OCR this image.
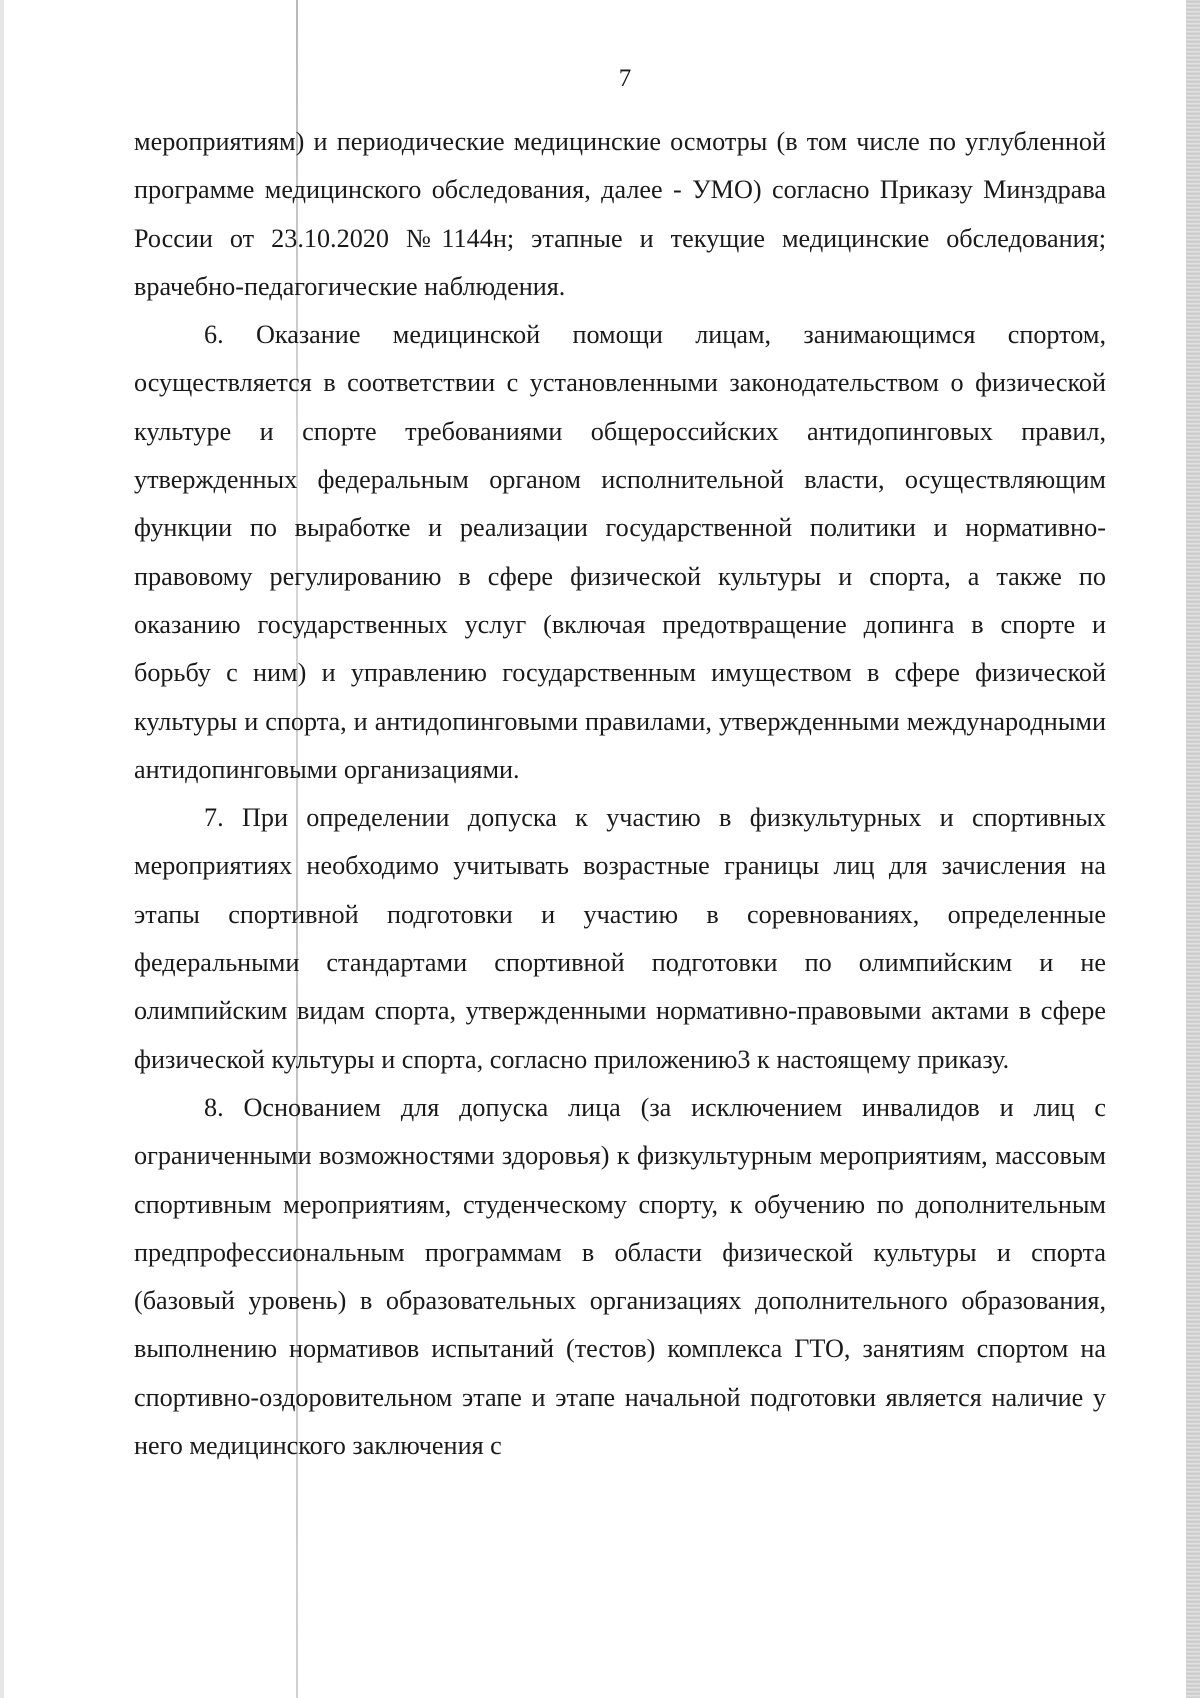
7

мероприятиям) и периодические медицинские осмотры (в том числе по углубленной программе медицинского обследования, далее - УМО) согласно Приказу Минздрава России от 23.10.2020 №1144н; этапные и текущие медицинские обследования; врачебно-педагогические наблюдения.

6. Оказание медицинской помощи лицам, занимающимся спортом, осуществляется в соответствии с установленными законодательством о физической культуре и спорте требованиями общероссийских антидопинговых правил, утвержденных федеральным органом исполнительной власти, осуществляющим функции по выработке и реализации государственной политики и нормативно-правовому регулированию в сфере физической культуры и спорта, а также по оказанию государственных услуг (включая предотвращение допинга в спорте и борьбу с ним) и управлению государственным имуществом в сфере физической культуры и спорта, и антидопинговыми правилами, утвержденными международными антидопинговыми организациями.

7. При определении допуска к участию в физкультурных и спортивных мероприятиях необходимо учитывать возрастные границы лиц для зачисления на этапы спортивной подготовки и участию в соревнованиях, определенные федеральными стандартами спортивной подготовки по олимпийским и не олимпийским видам спорта, утвержденными нормативно-правовыми актами в сфере физической культуры и спорта, согласно приложению3 к настоящему приказу.

8. Основанием для допуска лица (за исключением инвалидов и лиц с ограниченными возможностями здоровья) к физкультурным мероприятиям, массовым спортивным мероприятиям, студенческому спорту, к обучению по дополнительным предпрофессиональным программам в области физической культуры и спорта (базовый уровень) в образовательных организациях дополнительного образования, выполнению нормативов испытаний (тестов) комплекса ГТО, занятиям спортом на спортивно-оздоровительном этапе и этапе начальной подготовки является наличие у него медицинского заключения с
